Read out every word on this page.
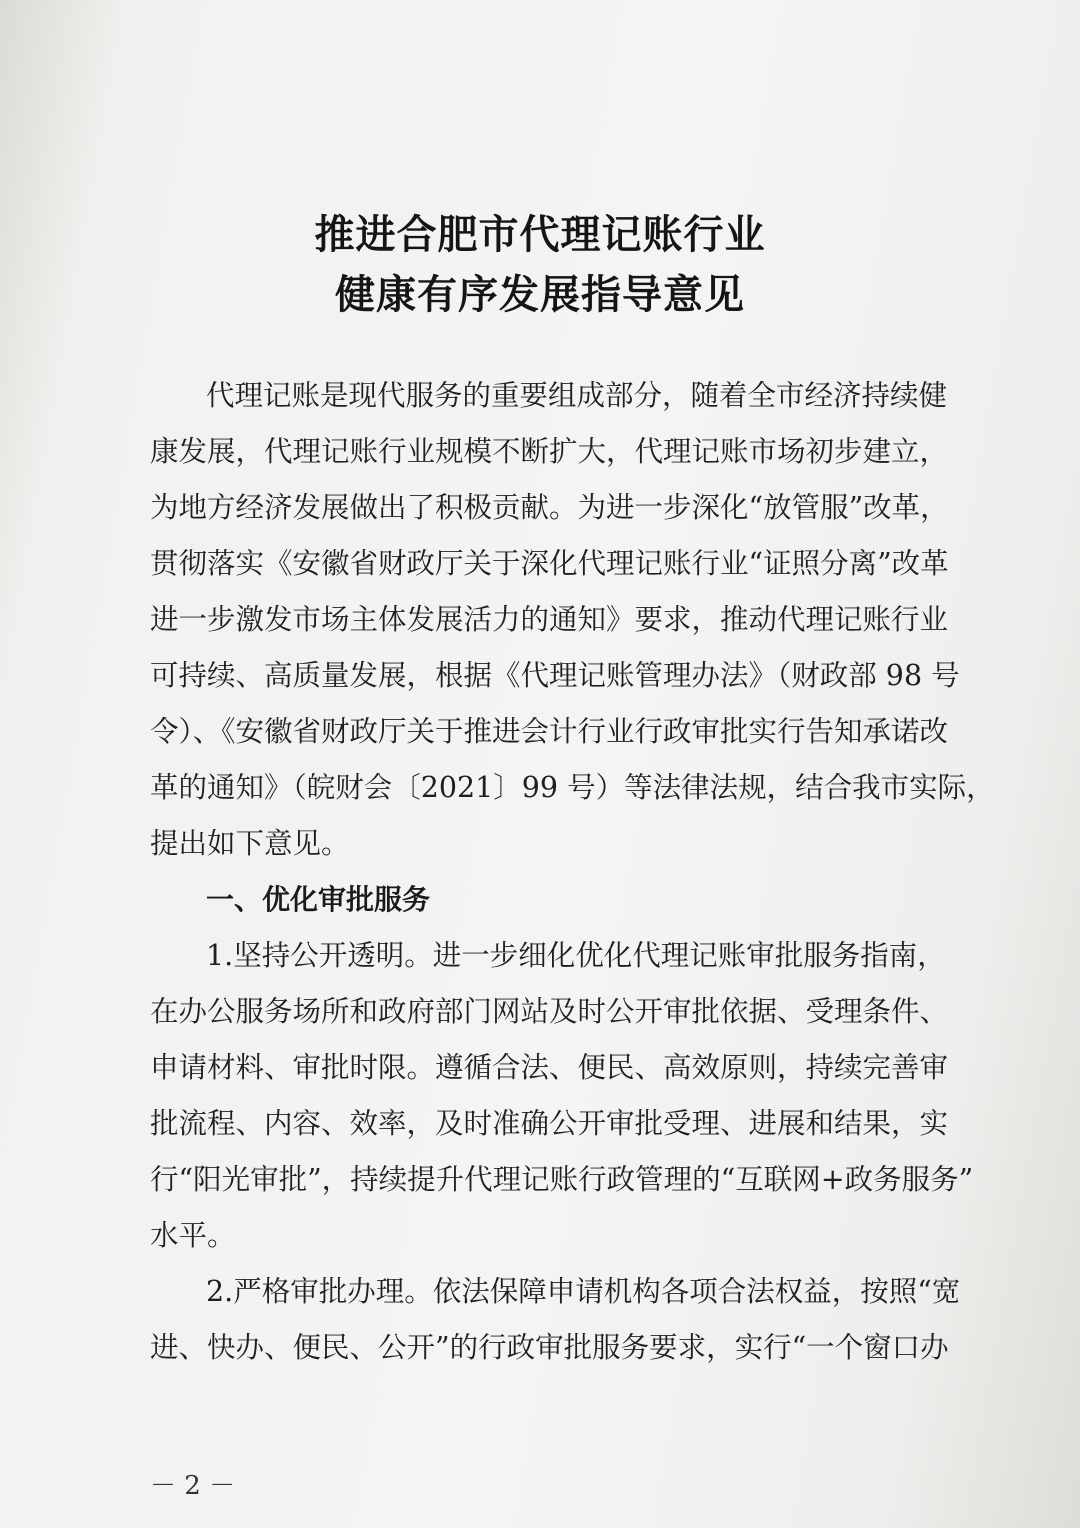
推进合肥市代理记账行业
健康有序发展指导意见

代理记账是现代服务的重要组成部分，随着全市经济持续健

康发展，代理记账行业规模不断扩大，代理记账市场初步建立，

为地方经济发展做出了积极贡献。为进一步深化“放管服”改革，

贯彻落实《安徽省财政厅关于深化代理记账行业“证照分离”改革

进一步激发市场主体发展活力的通知》要求，推动代理记账行业

可持续、高质量发展，根据《代理记账管理办法》（财政部 98 号

令）、《安徽省财政厅关于推进会计行业行政审批实行告知承诺改

革的通知》（皖财会〔2021〕99 号）等法律法规，结合我市实际，

提出如下意见。

一、优化审批服务

1.坚持公开透明。进一步细化优化代理记账审批服务指南，

在办公服务场所和政府部门网站及时公开审批依据、受理条件、

申请材料、审批时限。遵循合法、便民、高效原则，持续完善审

批流程、内容、效率，及时准确公开审批受理、进展和结果，实

行“阳光审批”，持续提升代理记账行政管理的“互联网+政务服务”

水平。

2.严格审批办理。依法保障申请机构各项合法权益，按照“宽

进、快办、便民、公开”的行政审批服务要求，实行“一个窗口办

－ 2 －
